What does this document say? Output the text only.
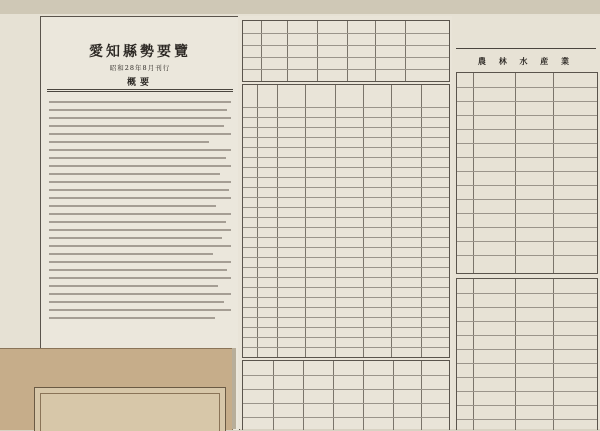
愛知縣勢要覽
昭和28年8月刊行
概要
農 林 水 産 業
